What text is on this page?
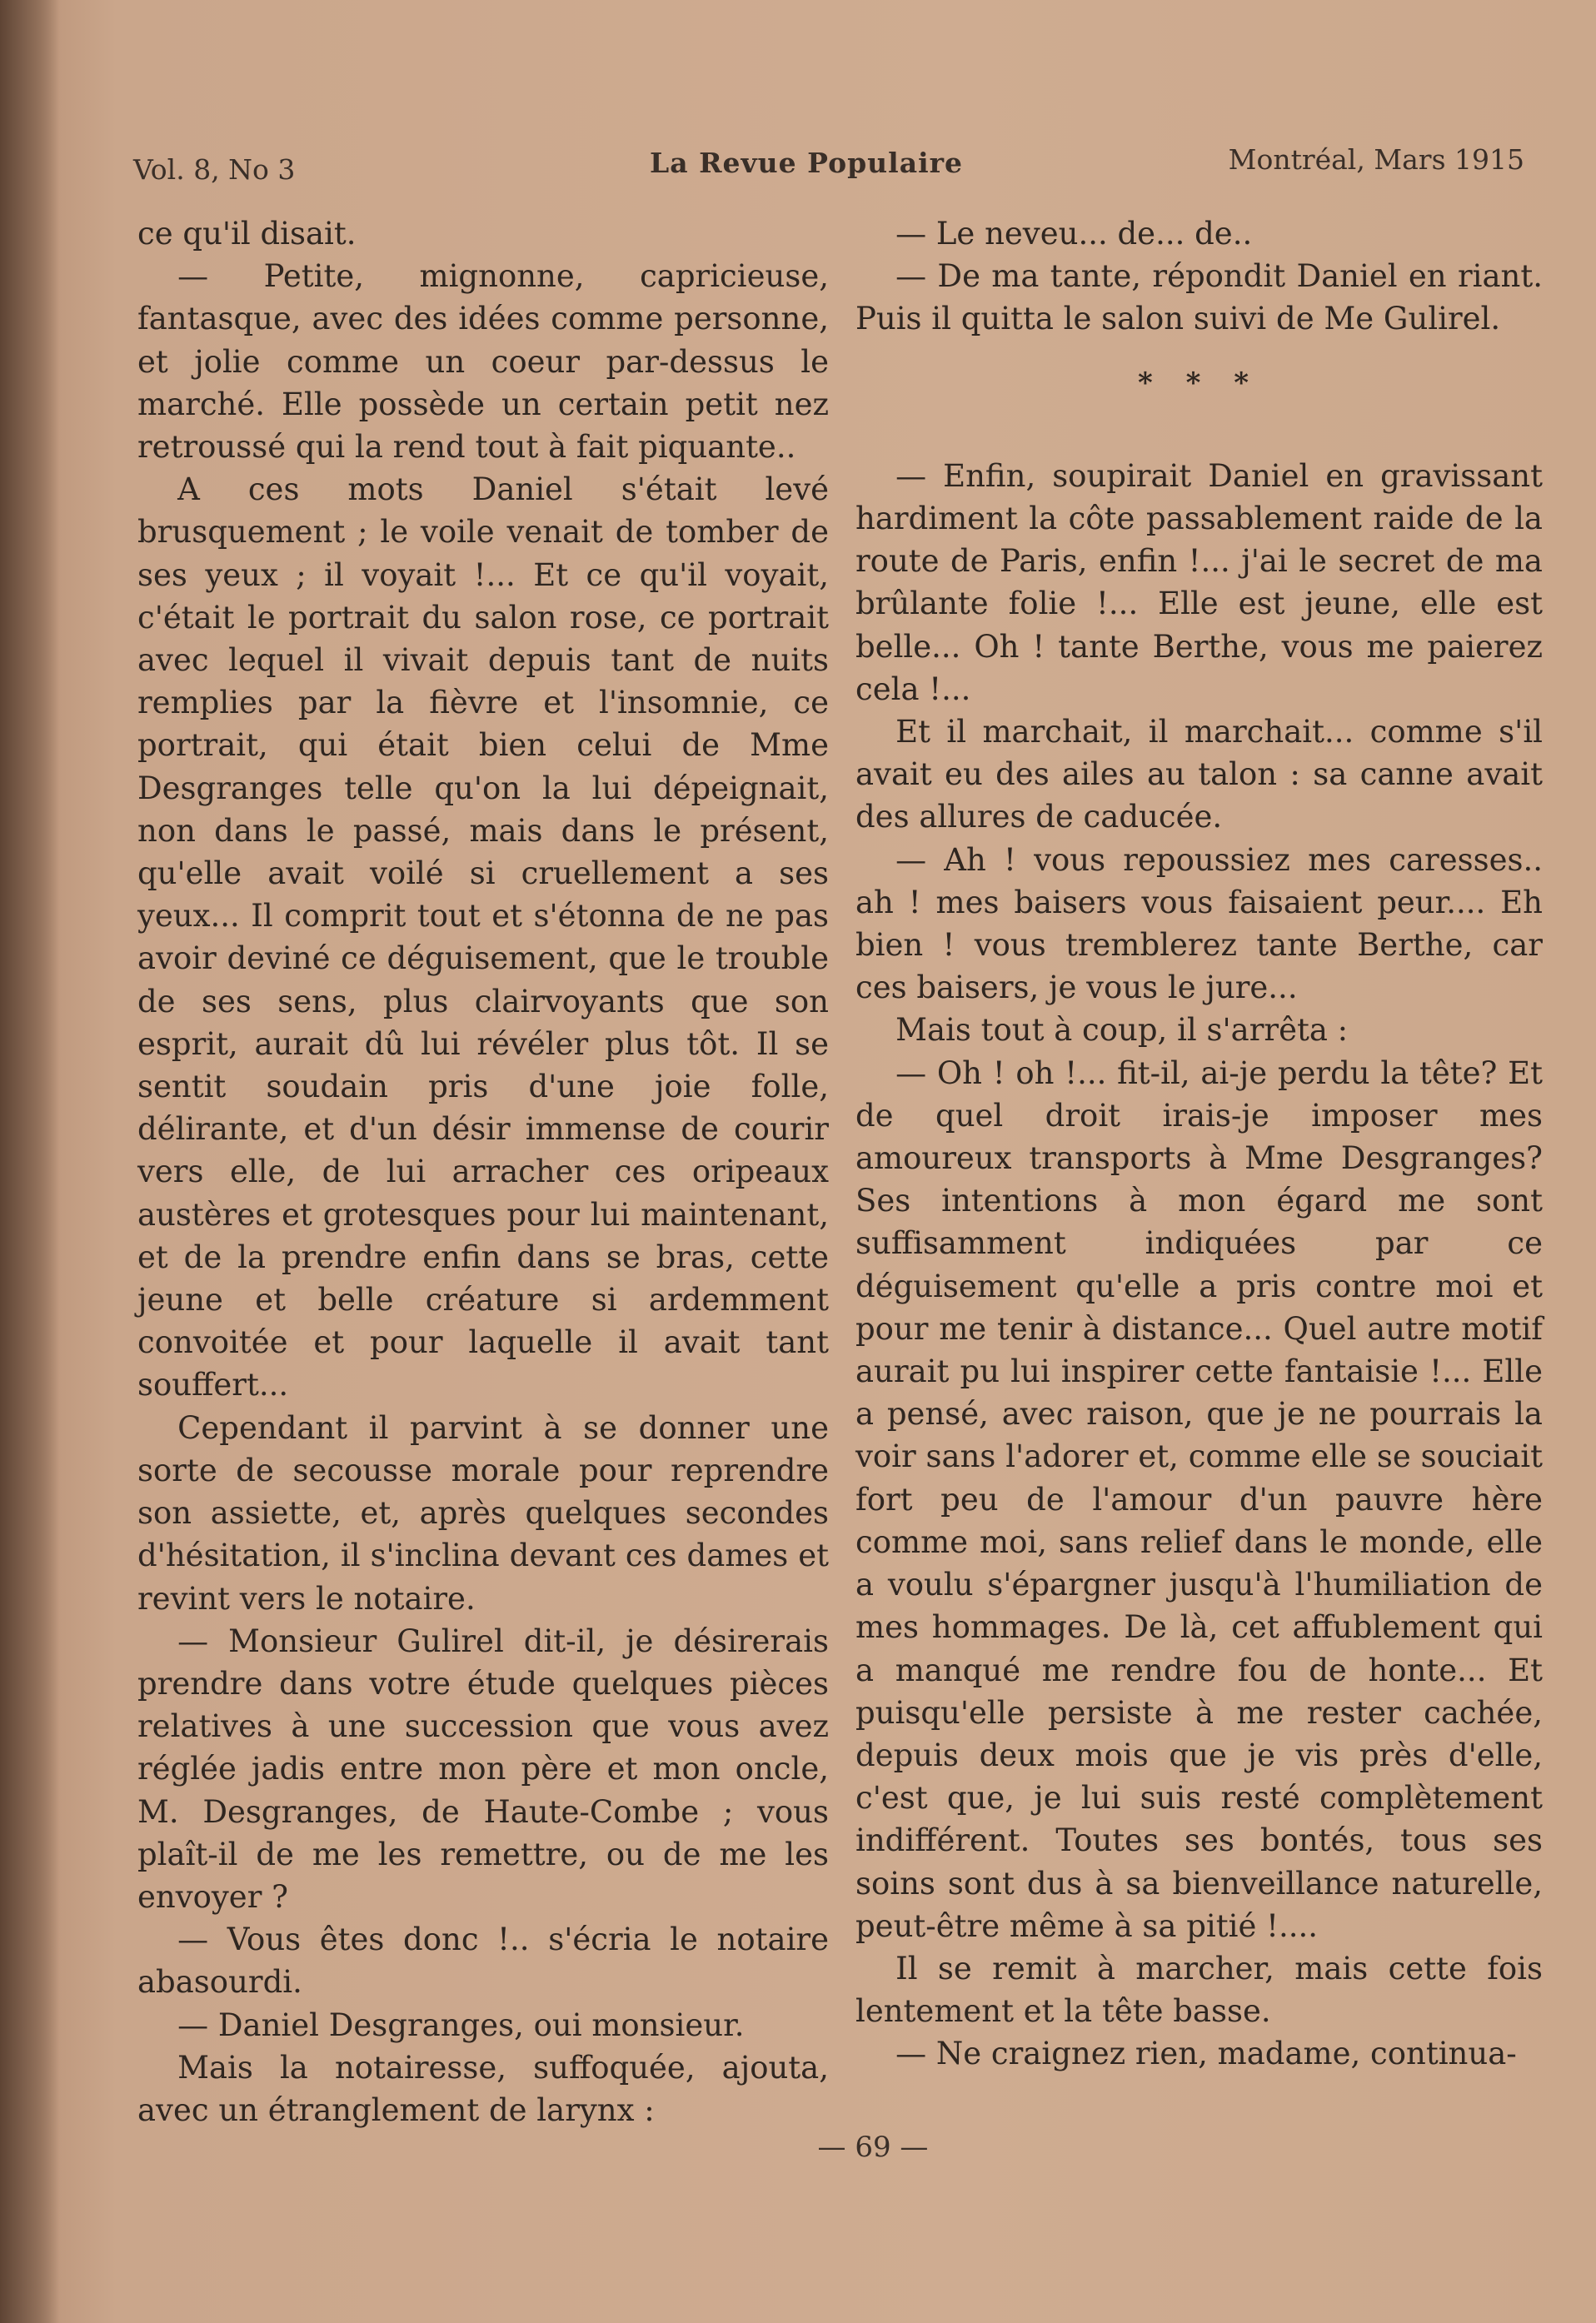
Vol. 8, No 3	La Revue Populaire	Montréal, Mars 1915

ce qu'il disait.

— Petite, mignonne, capricieuse, fantasque, avec des idées comme personne, et jolie comme un coeur par-dessus le marché. Elle possède un certain petit nez retroussé qui la rend tout à fait piquante..

A ces mots Daniel s'était levé brusquement ; le voile venait de tomber de ses yeux ; il voyait !... Et ce qu'il voyait, c'était le portrait du salon rose, ce portrait avec lequel il vivait depuis tant de nuits remplies par la fièvre et l'insomnie, ce portrait, qui était bien celui de Mme Desgranges telle qu'on la lui dépeignait, non dans le passé, mais dans le présent, qu'elle avait voilé si cruellement a ses yeux... Il comprit tout et s'étonna de ne pas avoir deviné ce déguisement, que le trouble de ses sens, plus clairvoyants que son esprit, aurait dû lui révéler plus tôt. Il se sentit soudain pris d'une joie folle, délirante, et d'un désir immense de courir vers elle, de lui arracher ces oripeaux austères et grotesques pour lui maintenant, et de la prendre enfin dans se bras, cette jeune et belle créature si ardemment convoitée et pour laquelle il avait tant souffert...

Cependant il parvint à se donner une sorte de secousse morale pour reprendre son assiette, et, après quelques secondes d'hésitation, il s'inclina devant ces dames et revint vers le notaire.

— Monsieur Gulirel dit-il, je désirerais prendre dans votre étude quelques pièces relatives à une succession que vous avez réglée jadis entre mon père et mon oncle, M. Desgranges, de Haute-Combe ; vous plaît-il de me les remettre, ou de me les envoyer ?

— Vous êtes donc !.. s'écria le notaire abasourdi.

— Daniel Desgranges, oui monsieur.

Mais la notairesse, suffoquée, ajouta, avec un étranglement de larynx :

— Le neveu... de... de..

— De ma tante, répondit Daniel en riant. Puis il quitta le salon suivi de Me Gulirel.

* * *

— Enfin, soupirait Daniel en gravissant hardiment la côte passablement raide de la route de Paris, enfin !... j'ai le secret de ma brûlante folie !... Elle est jeune, elle est belle... Oh ! tante Berthe, vous me paierez cela !...

Et il marchait, il marchait... comme s'il avait eu des ailes au talon : sa canne avait des allures de caducée.

— Ah ! vous repoussiez mes caresses.. ah ! mes baisers vous faisaient peur.... Eh bien ! vous tremblerez tante Berthe, car ces baisers, je vous le jure...

Mais tout à coup, il s'arrêta :

— Oh ! oh !... fit-il, ai-je perdu la tête? Et de quel droit irais-je imposer mes amoureux transports à Mme Desgranges? Ses intentions à mon égard me sont suffisamment indiquées par ce déguisement qu'elle a pris contre moi et pour me tenir à distance... Quel autre motif aurait pu lui inspirer cette fantaisie !... Elle a pensé, avec raison, que je ne pourrais la voir sans l'adorer et, comme elle se souciait fort peu de l'amour d'un pauvre hère comme moi, sans relief dans le monde, elle a voulu s'épargner jusqu'à l'humiliation de mes hommages. De là, cet affublement qui a manqué me rendre fou de honte... Et puisqu'elle persiste à me rester cachée, depuis deux mois que je vis près d'elle, c'est que, je lui suis resté complètement indifférent. Toutes ses bontés, tous ses soins sont dus à sa bienveillance naturelle, peut-être même à sa pitié !....

Il se remit à marcher, mais cette fois lentement et la tête basse.

— Ne craignez rien, madame, continua-

— 69 —
